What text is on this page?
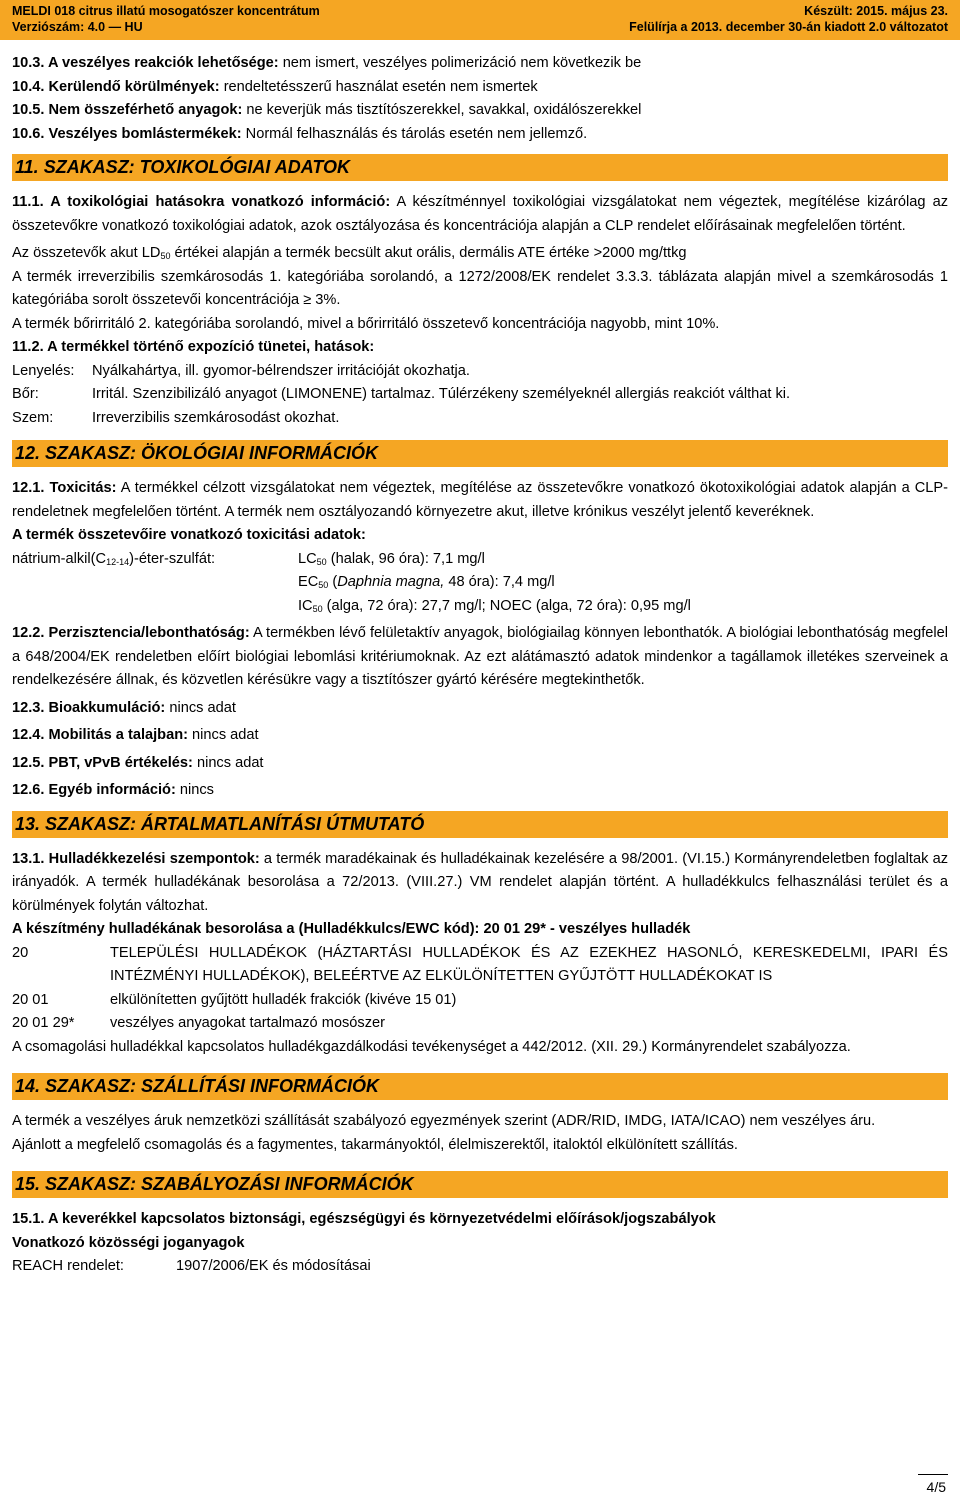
MELDI 018 citrus illatú mosogatószer koncentrátum	Készült: 2015. május 23.
Verziószám: 4.0 — HU	Felülírja a 2013. december 30-án kiadott 2.0 változatot

10.3. A veszélyes reakciók lehetősége: nem ismert, veszélyes polimerizáció nem következik be

10.4. Kerülendő körülmények: rendeltetésszerű használat esetén nem ismertek

10.5. Nem összeférhető anyagok: ne keverjük más tisztítószerekkel, savakkal, oxidálószerekkel

10.6. Veszélyes bomlástermékek: Normál felhasználás és tárolás esetén nem jellemző.

11. SZAKASZ: TOXIKOLÓGIAI ADATOK

11.1. A toxikológiai hatásokra vonatkozó információ: A készítménnyel toxikológiai vizsgálatokat nem végeztek, megítélése kizárólag az összetevőkre vonatkozó toxikológiai adatok, azok osztályozása és koncentrációja alapján a CLP rendelet előírásainak megfelelően történt.

Az összetevők akut $LD_{50}$ értékei alapján a termék becsült akut orális, dermális ATE értéke >2000 mg/ttkg

A termék irreverzibilis szemkárosodás 1. kategóriába sorolandó, a 1272/2008/EK rendelet 3.3.3. táblázata alapján mivel a szemkárosodás 1 kategóriába sorolt összetevői koncentrációja ≥ 3%.

A termék bőrirritáló 2. kategóriába sorolandó, mivel a bőrirritáló összetevő koncentrációja nagyobb, mint 10%.

11.2. A termékkel történő expozíció tünetei, hatások:

Lenyelés:	Nyálkahártya, ill. gyomor-bélrendszer irritációját okozhatja.
Bőr:	Irritál. Szenzibilizáló anyagot (LIMONENE) tartalmaz. Túlérzékeny személyeknél allergiás reakciót válthat ki.
Szem:	Irreverzibilis szemkárosodást okozhat.
12. SZAKASZ: ÖKOLÓGIAI INFORMÁCIÓK

12.1. Toxicitás: A termékkel célzott vizsgálatokat nem végeztek, megítélése az összetevőkre vonatkozó ökotoxikológiai adatok alapján a CLP-rendeletnek megfelelően történt. A termék nem osztályozandó környezetre akut, illetve krónikus veszélyt jelentő keveréknek.

A termék összetevőire vonatkozó toxicitási adatok:

nátrium-$alkil(C_{12-14})-éter$-szulfát:	$LC_{50}$ (halak, 96 óra): 7,1 mg/l
$EC_{50}$ (Daphnia magna, 48 óra): 7,4 mg/l
$IC_{50}$ (alga, 72 óra): 27,7 mg/l; NOEC (alga, 72 óra): 0,95 mg/l

12.2. Perzisztencia/lebonthatóság: A termékben lévő felületaktív anyagok, biológiailag könnyen lebonthatók. A biológiai lebonthatóság megfelel a 648/2004/EK rendeletben előírt biológiai lebomlási kritériumoknak. Az ezt alátámasztó adatok mindenkor a tagállamok illetékes szerveinek a rendelkezésére állnak, és közvetlen kérésükre vagy a tisztítószer gyártó kérésére megtekinthetők.

12.3. Bioakkumuláció: nincs adat

12.4. Mobilitás a talajban: nincs adat

12.5. PBT, vPvB értékelés: nincs adat

12.6. Egyéb információ: nincs

13. SZAKASZ: ÁRTALMATLANÍTÁSI ÚTMUTATÓ

13.1. Hulladékkezelési szempontok: a termék maradékainak és hulladékainak kezelésére a 98/2001. (VI.15.) Kormányrendeletben foglaltak az irányadók. A termék hulladékának besorolása a 72/2013. (VIII.27.) VM rendelet alapján történt. A hulladékkulcs felhasználási terület és a körülmények folytán változhat.

A készítmény hulladékának besorolása a (Hulladékkulcs/EWC kód): 20 01 29* - veszélyes hulladék

20	TELEPÜLÉSI HULLADÉKOK (HÁZTARTÁSI HULLADÉKOK ÉS AZ EZEKHEZ HASONLÓ, KERESKEDELMI, IPARI ÉS INTÉZMÉNYI HULLADÉKOK), BELEÉRTVE AZ ELKÜLÖNÍTETTEN GYŰJTÖTT HULLADÉKOKAT IS

20 01	elkülönítetten gyűjtött hulladék frakciók (kivéve 15 01)
20 01 29*	veszélyes anyagokat tartalmazó mosószer

A csomagolási hulladékkal kapcsolatos hulladékgazdálkodási tevékenységet a 442/2012. (XII. 29.) Kormányrendelet szabályozza.

14. SZAKASZ: SZÁLLÍTÁSI INFORMÁCIÓK

A termék a veszélyes áruk nemzetközi szállítását szabályozó egyezmények szerint (ADR/RID, IMDG, IATA/ICAO) nem veszélyes áru.

Ajánlott a megfelelő csomagolás és a fagymentes, takarmányoktól, élelmiszerektől, italoktól elkülönített szállítás.

15. SZAKASZ: SZABÁLYOZÁSI INFORMÁCIÓK

15.1. A keverékkel kapcsolatos biztonsági, egészségügyi és környezetvédelmi előírások/jogszabályok

Vonatkozó közösségi joganyagok

REACH rendelet:	1907/2006/EK és módosításai
4/5
